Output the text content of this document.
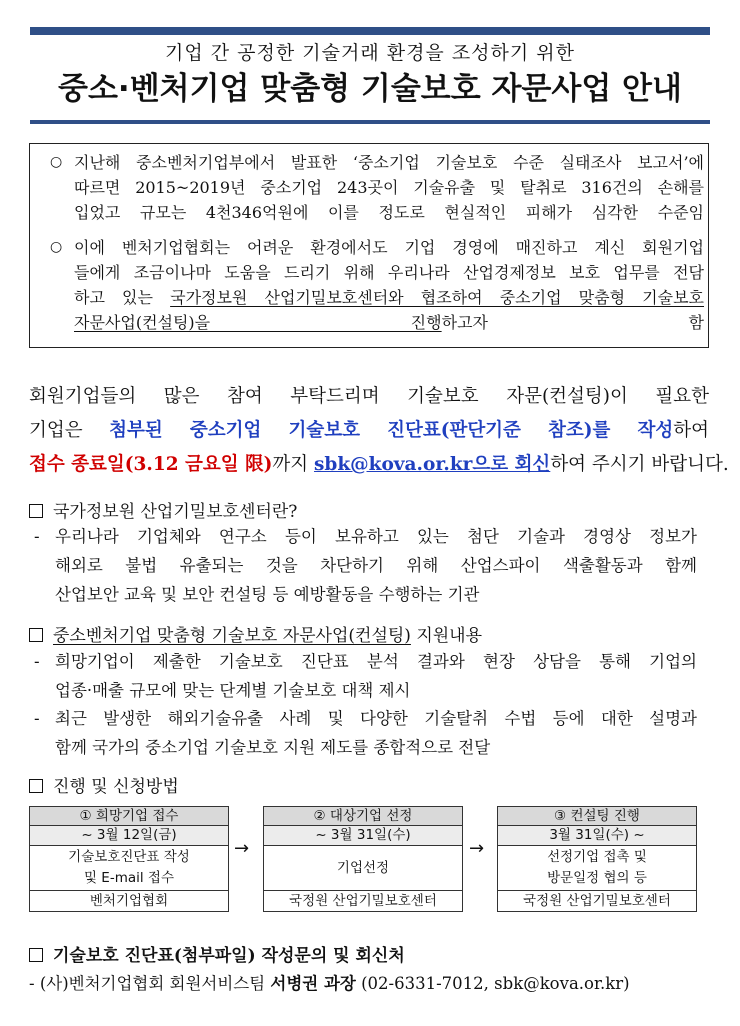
기업 간 공정한 기술거래 환경을 조성하기 위한
중소·벤처기업 맞춤형 기술보호 자문사업 안내
○ 지난해 중소벤처기업부에서 발표한 ‘중소기업 기술보호 수준 실태조사 보고서’에
따르면 2015~2019년 중소기업 243곳이 기술유출 및 탈취로 316건의 손해를
입었고 규모는 4천346억원에 이를 정도로 현실적인 피해가 심각한 수준임
○ 이에 벤처기업협회는 어려운 환경에서도 기업 경영에 매진하고 계신 회원기업
들에게 조금이나마 도움을 드리기 위해 우리나라 산업경제정보 보호 업무를 전담
하고 있는 국가정보원 산업기밀보호센터와 협조하여 중소기업 맞춤형 기술보호
자문사업(컨설팅)을 진행하고자 함
회원기업들의 많은 참여 부탁드리며 기술보호 자문(컨설팅)이 필요한
기업은 첨부된 중소기업 기술보호 진단표(판단기준 참조)를 작성하여
접수 종료일(3.12 금요일 限)까지 sbk@kova.or.kr으로 회신하여 주시기 바랍니다.
국가정보원 산업기밀보호센터란?
- 우리나라 기업체와 연구소 등이 보유하고 있는 첨단 기술과 경영상 정보가
해외로 불법 유출되는 것을 차단하기 위해 산업스파이 색출활동과 함께
산업보안 교육 및 보안 컨설팅 등 예방활동을 수행하는 기관
중소벤처기업 맞춤형 기술보호 자문사업(컨설팅) 지원내용
- 희망기업이 제출한 기술보호 진단표 분석 결과와 현장 상담을 통해 기업의
업종·매출 규모에 맞는 단계별 기술보호 대책 제시
- 최근 발생한 해외기술유출 사례 및 다양한 기술탈취 수법 등에 대한 설명과
함께 국가의 중소기업 기술보호 지원 제도를 종합적으로 전달
진행 및 신청방법
① 희망기업 접수
~ 3월 12일(금)
기술보호진단표 작성
및 E-mail 접수
벤처기업협회
→
② 대상기업 선정
~ 3월 31일(수)
기업선정
국정원 산업기밀보호센터
→
③ 컨설팅 진행
3월 31일(수) ~
선정기업 접촉 및
방문일정 협의 등
국정원 산업기밀보호센터
기술보호 진단표(첨부파일) 작성문의 및 회신처
- (사)벤처기업협회 회원서비스팀 서병권 과장 (02-6331-7012, sbk@kova.or.kr)
